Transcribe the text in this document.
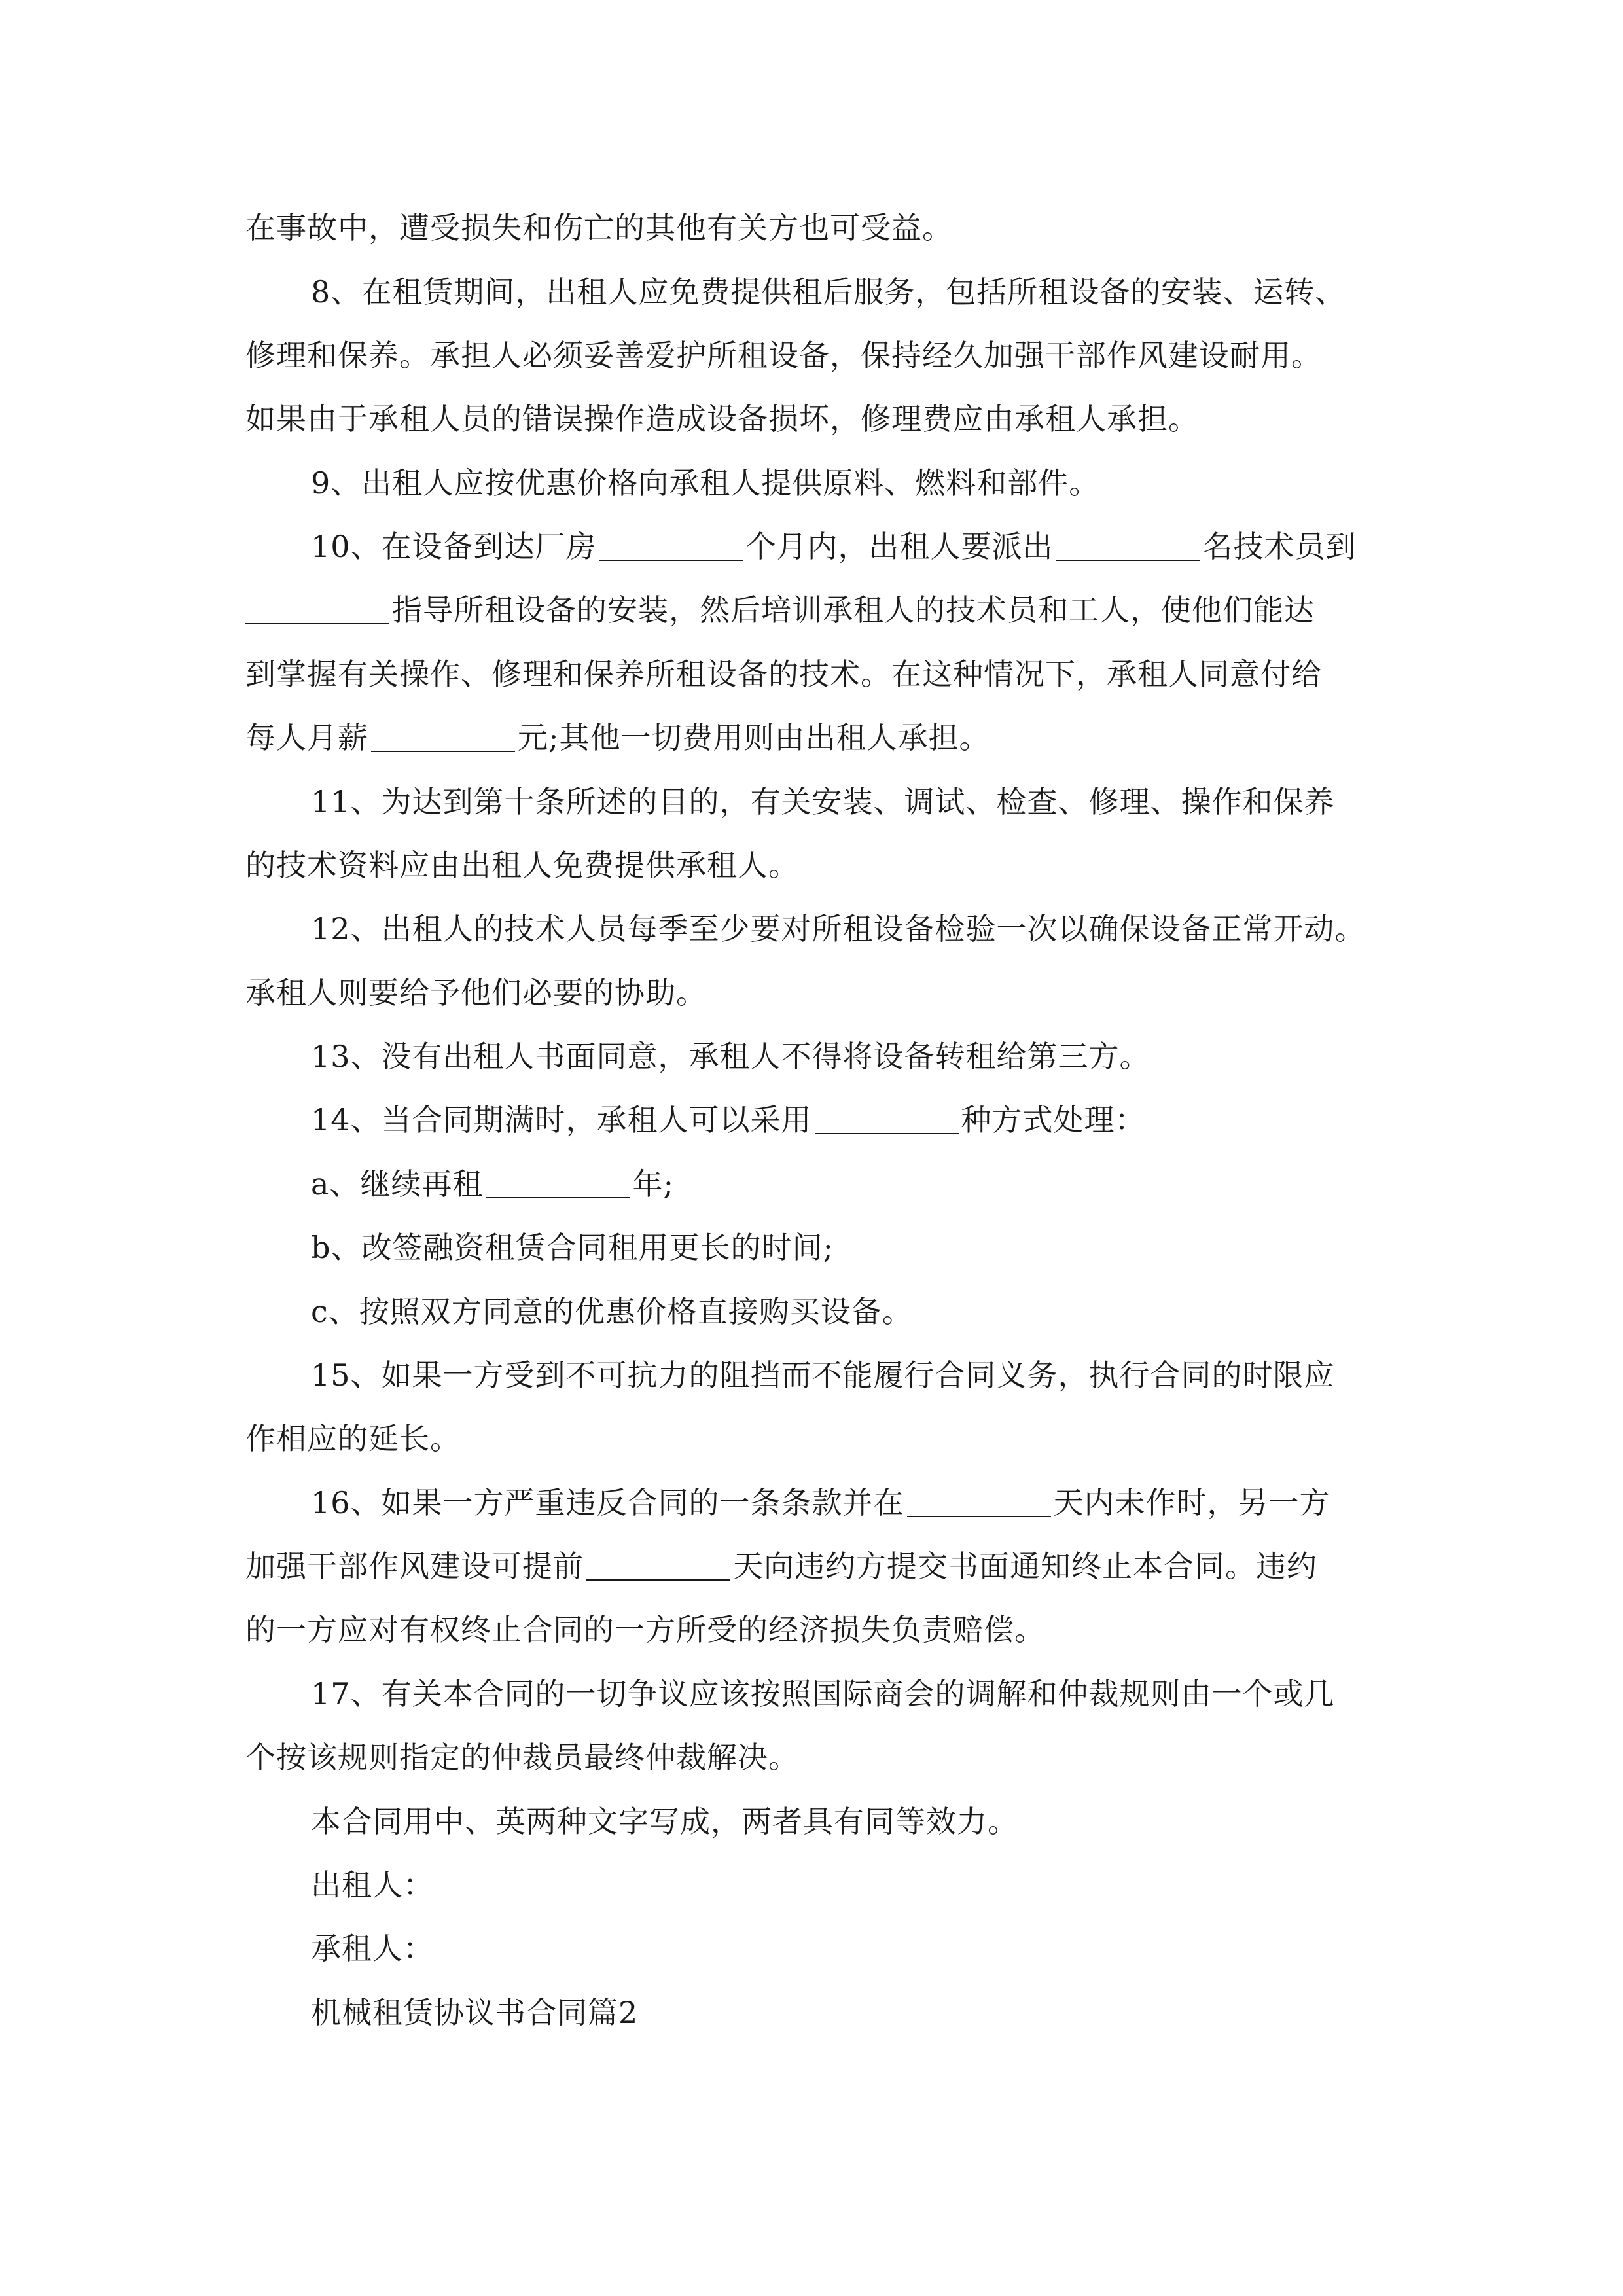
在事故中，遭受损失和伤亡的其他有关方也可受益。
8、在租赁期间，出租人应免费提供租后服务，包括所租设备的安装、运转、
修理和保养。承担人必须妥善爱护所租设备，保持经久加强干部作风建设耐用。
如果由于承租人员的错误操作造成设备损坏，修理费应由承租人承担。
9、出租人应按优惠价格向承租人提供原料、燃料和部件。
10、在设备到达厂房	个月内，出租人要派出	名技术员到
指导所租设备的安装，然后培训承租人的技术员和工人，使他们能达
到掌握有关操作、修理和保养所租设备的技术。在这种情况下，承租人同意付给
每人月薪	元;其他一切费用则由出租人承担。
11、为达到第十条所述的目的，有关安装、调试、检查、修理、操作和保养
的技术资料应由出租人免费提供承租人。
12、出租人的技术人员每季至少要对所租设备检验一次以确保设备正常开动。
承租人则要给予他们必要的协助。
13、没有出租人书面同意，承租人不得将设备转租给第三方。
14、当合同期满时，承租人可以采用	种方式处理：
a、继续再租	年;
b、改签融资租赁合同租用更长的时间;
c、按照双方同意的优惠价格直接购买设备。
15、如果一方受到不可抗力的阻挡而不能履行合同义务，执行合同的时限应
作相应的延长。
16、如果一方严重违反合同的一条条款并在	天内未作时，另一方
加强干部作风建设可提前	天向违约方提交书面通知终止本合同。违约
的一方应对有权终止合同的一方所受的经济损失负责赔偿。
17、有关本合同的一切争议应该按照国际商会的调解和仲裁规则由一个或几
个按该规则指定的仲裁员最终仲裁解决。
本合同用中、英两种文字写成，两者具有同等效力。
出租人：
承租人：
机械租赁协议书合同篇2
